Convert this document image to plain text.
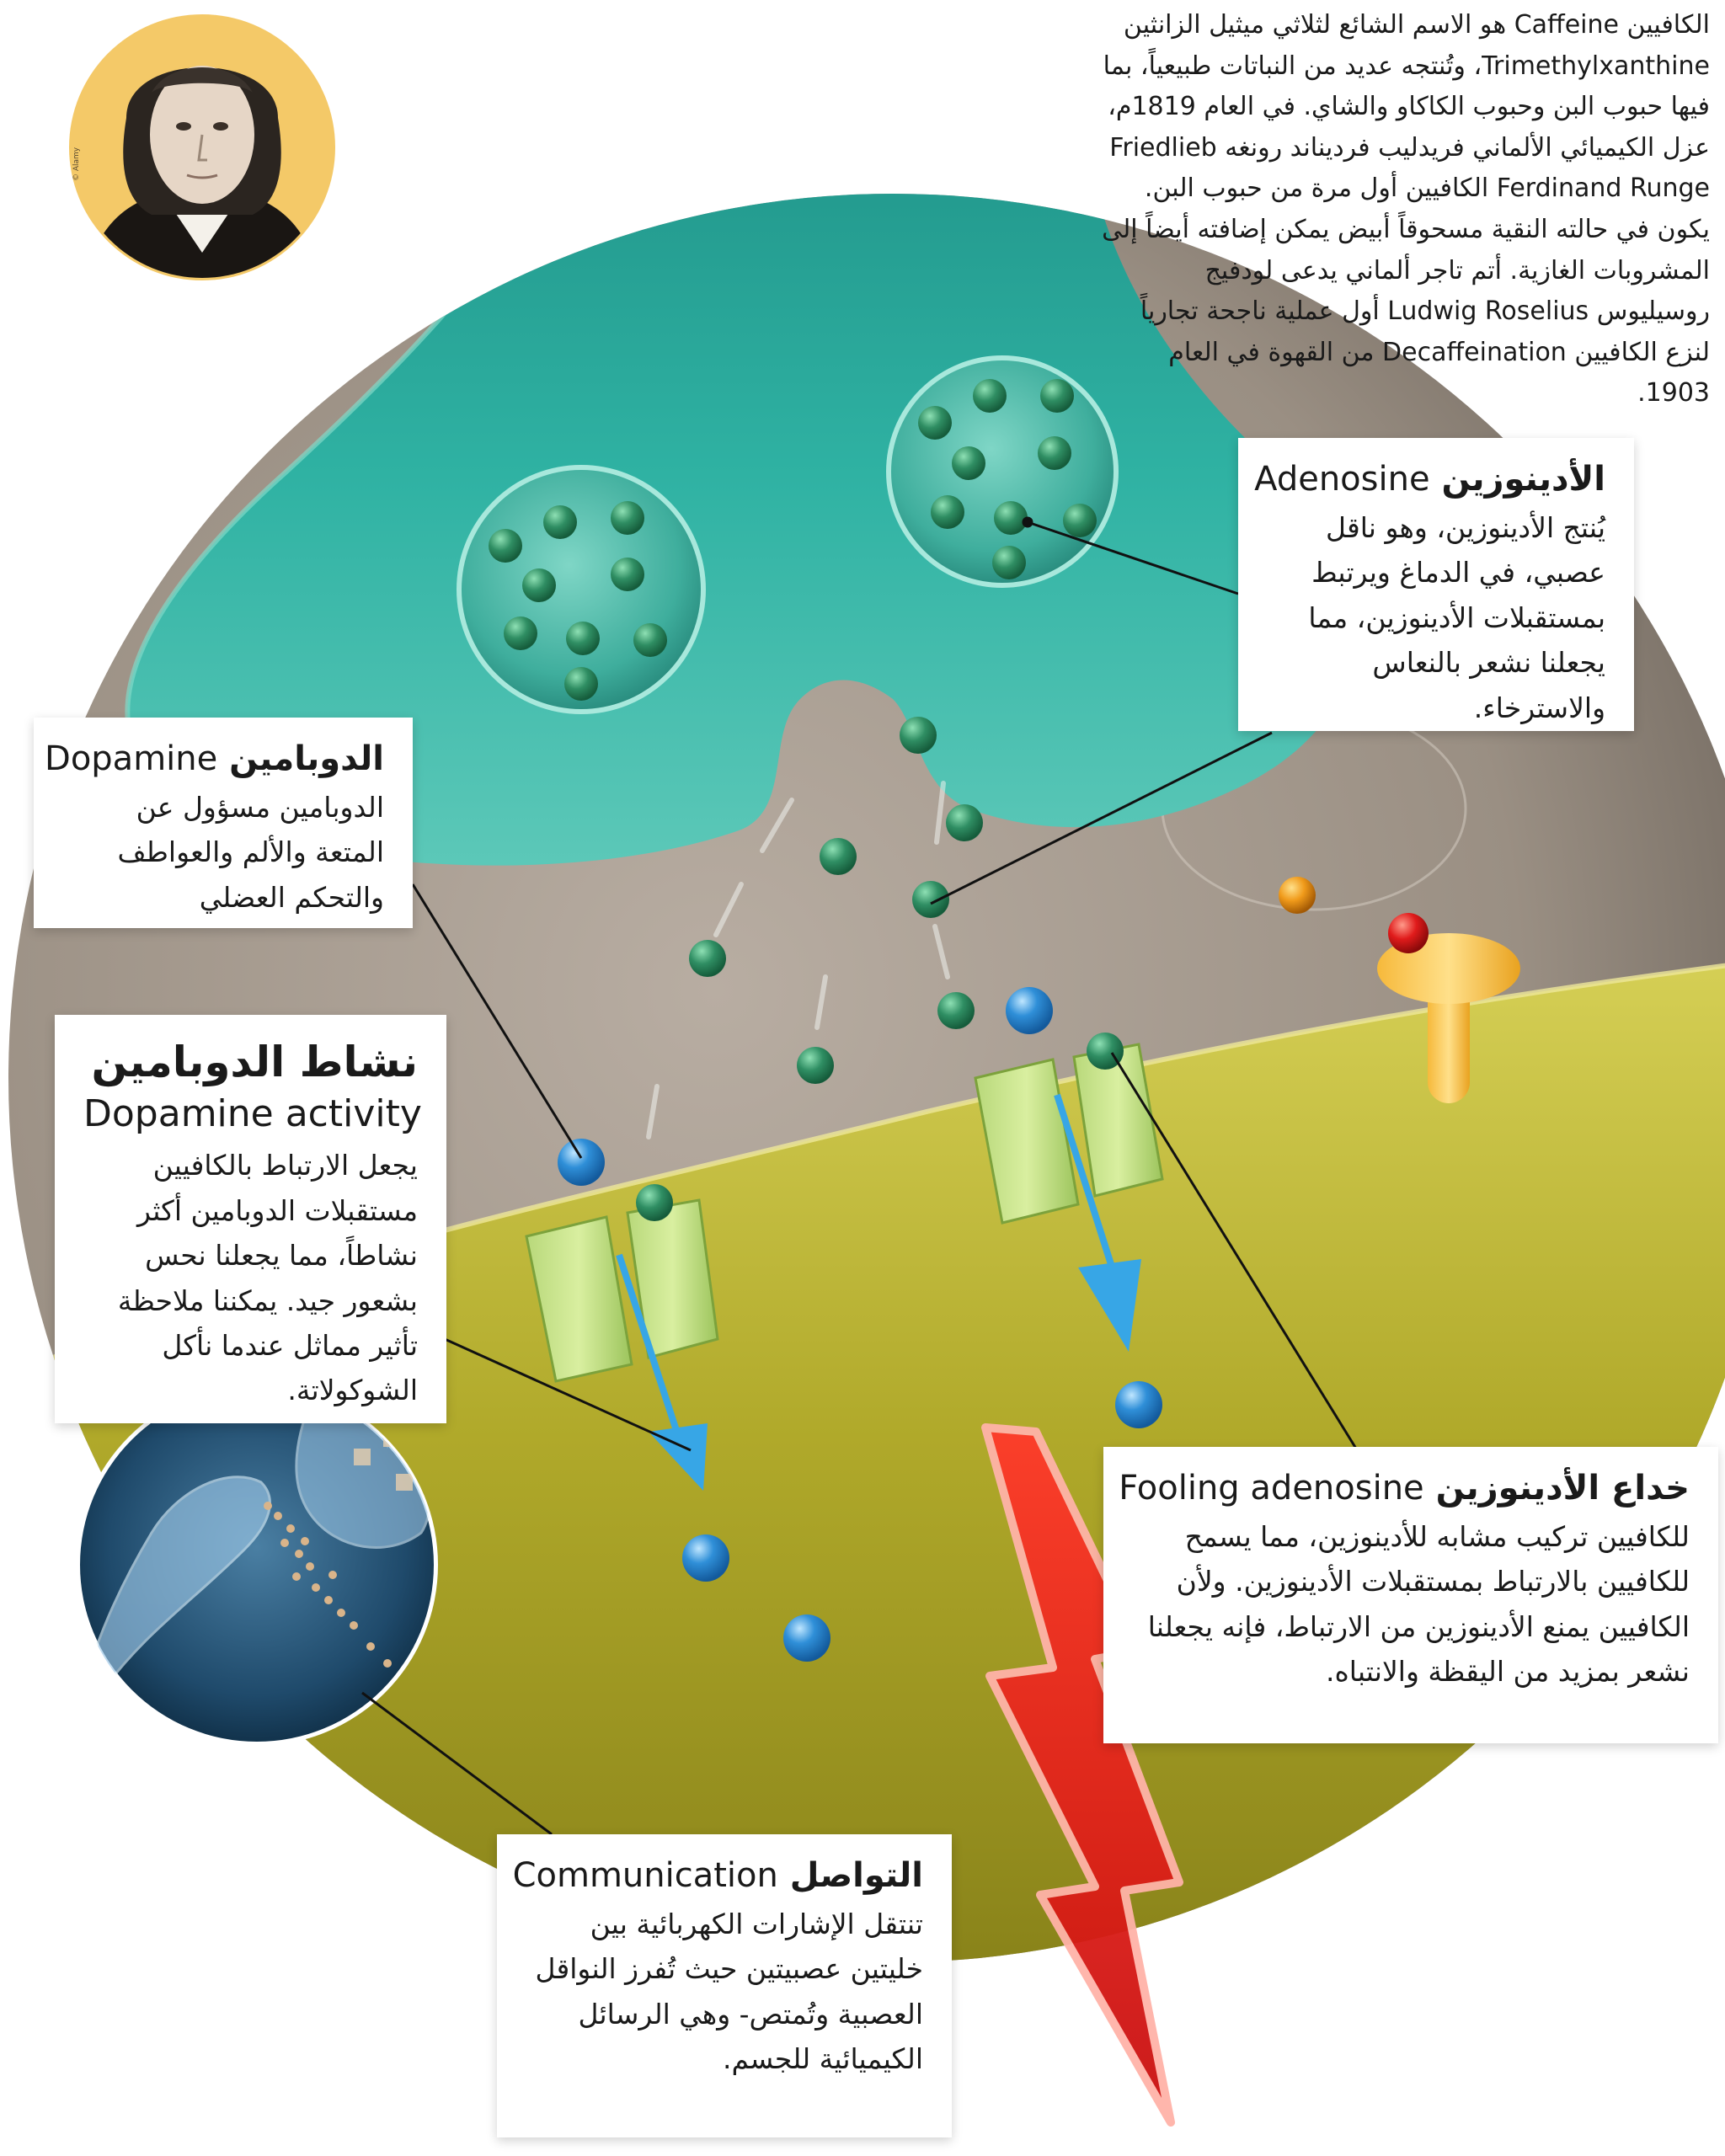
© Alamy

الكافيين Caffeine هو الاسم الشائع لثلاثي ميثيل الزانثين Trimethylxanthine، وتُنتجه عديد من النباتات طبيعياً، بما فيها حبوب البن وحبوب الكاكاو والشاي. في العام 1819م، عزل الكيميائي الألماني فريدليب فرديناند رونغه Friedlieb Ferdinand Runge الكافيين أول مرة من حبوب البن. يكون في حالته النقية مسحوقاً أبيض يمكن إضافته أيضاً إلى المشروبات الغازية. أتم تاجر ألماني يدعى لودفيج روسيليوس Ludwig Roselius أول عملية ناجحة تجارياً لنزع الكافيين Decaffeination من القهوة في العام 1903.

الأدينوزين Adenosine

يُنتج الأدينوزين، وهو ناقل عصبي، في الدماغ ويرتبط بمستقبلات الأدينوزين، مما يجعلنا نشعر بالنعاس والاسترخاء.

الدوبامين Dopamine

الدوبامين مسؤول عن المتعة والألم والعواطف والتحكم العضلي

نشاط الدوبامين
Dopamine activity

يجعل الارتباط بالكافيين مستقبلات الدوبامين أكثر نشاطاً، مما يجعلنا نحس بشعور جيد. يمكننا ملاحظة تأثير مماثل عندما نأكل الشوكولاتة.

خداع الأدينوزين Fooling adenosine

للكافيين تركيب مشابه للأدينوزين، مما يسمح للكافيين بالارتباط بمستقبلات الأدينوزين. ولأن الكافيين يمنع الأدينوزين من الارتباط، فإنه يجعلنا نشعر بمزيد من اليقظة والانتباه.

التواصل Communication

تنتقل الإشارات الكهربائية بين خليتين عصبيتين حيث تُفرز النواقل العصبية وتُمتص- وهي الرسائل الكيميائية للجسم.
